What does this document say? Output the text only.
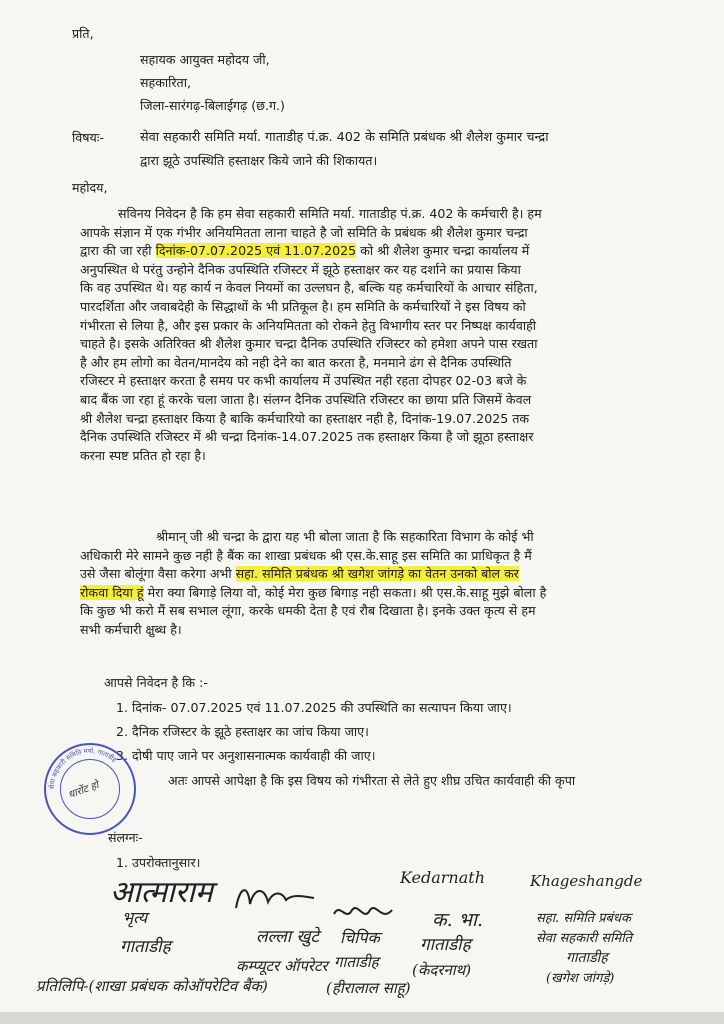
प्रति,
सहायक आयुक्त महोदय जी,
सहकारिता,
जिला-सारंगढ़-बिलाईगढ़ (छ.ग.)
विषयः-	सेवा सहकारी समिति मर्या. गाताडीह पं.क्र. 402 के समिति प्रबंधक श्री शैलेश कुमार चन्द्रा
द्वारा झूठे उपस्थिति हस्ताक्षर किये जाने की शिकायत।
महोदय,
सविनय निवेदन है कि हम सेवा सहकारी समिति मर्या. गाताडीह पं.क्र. 402 के कर्मचारी है। हम
आपके संज्ञान में एक गंभीर अनियमितता लाना चाहते है जो समिति के प्रबंधक श्री शैलेश कुमार चन्द्रा
द्वारा की जा रही दिनांक-07.07.2025 एवं 11.07.2025 को श्री शैलेश कुमार चन्द्रा कार्यालय में
अनुपस्थित थे परंतु उन्होने दैनिक उपस्थिति रजिस्टर में झूठे हस्ताक्षर कर यह दर्शाने का प्रयास किया
कि वह उपस्थित थे। यह कार्य न केवल नियमों का उल्लघन है, बल्कि यह कर्मचारियों के आचार संहिता,
पारदर्शिता और जवाबदेही के सिद्धाथों के भी प्रतिकूल है। हम समिति के कर्मचारियों ने इस विषय को
गंभीरता से लिया है, और इस प्रकार के अनियमितता को रोकने हेतु विभागीय स्तर पर निष्पक्ष कार्यवाही
चाहते है। इसके अतिरिक्त श्री शैलेश कुमार चन्द्रा दैनिक उपस्थिति रजिस्टर को हमेशा अपने पास रखता
है और हम लोगो का वेतन/मानदेय को नही देने का बात करता है, मनमाने ढंग से दैनिक उपस्थिति
रजिस्टर मे हस्ताक्षर करता है समय पर कभी कार्यालय में उपस्थित नही रहता दोपहर 02-03 बजे के
बाद बैंक जा रहा हूं करके चला जाता है। संलग्न दैनिक उपस्थिति रजिस्टर का छाया प्रति जिसमें केवल
श्री शैलेश चन्द्रा हस्ताक्षर किया है बाकि कर्मचारियो का हस्ताक्षर नही है, दिनांक-19.07.2025 तक
दैनिक उपस्थिति रजिस्टर में श्री चन्द्रा दिनांक-14.07.2025 तक हस्ताक्षर किया है जो झूठा हस्ताक्षर
करना स्पष्ट प्रतित हो रहा है।
श्रीमान् जी श्री चन्द्रा के द्वारा यह भी बोला जाता है कि सहकारिता विभाग के कोई भी
अधिकारी मेरे सामने कुछ नही है बैंक का शाखा प्रबंधक श्री एस.के.साहू इस समिति का प्राधिकृत है मैं
उसे जैसा बोलूंगा वैसा करेगा अभी सहा. समिति प्रबंधक श्री खगेश जांगड़े का वेतन उनको बोल कर
रोकवा दिया हूं मेरा क्या बिगाड़े लिया वो, कोई मेरा कुछ बिगाड़ नही सकता। श्री एस.के.साहू मुझे बोला है
कि कुछ भी करो मैं सब सभाल लूंगा, करके धमकी देता है एवं रौब दिखाता है। इनके उक्त कृत्य से हम
सभी कर्मचारी क्षुब्ध है।
आपसे निवेदन है कि :-
1. दिनांक- 07.07.2025 एवं 11.07.2025 की उपस्थिति का सत्यापन किया जाए।
2. दैनिक रजिस्टर के झूठे हस्ताक्षर का जांच किया जाए।
3. दोषी पाए जाने पर अनुशासनात्मक कार्यवाही की जाए।
अतः आपसे आपेक्षा है कि इस विषय को गंभीरता से लेते हुए शीघ्र उचित कार्यवाही की कृपा
सेवा सहकारी समिति मर्या. गाताडीह
धारोंट हो
संलग्नः-
1. उपरोक्तानुसार।
आत्माराम
भृत्य
गाताडीह	लल्ला खुटे
कम्प्यूटर ऑपरेटर
चिपिक
गाताडीह
(हीरालाल साहू)
Kedarnath
क. भा.
गाताडीह
(केदरनाथ)
Khageshangde
सहा. समिति प्रबंधक
सेवा सहकारी समिति
गाताडीह
(खगेश जांगड़े)
प्रतिलिपि-(शाखा प्रबंधक कोऑपरेटिव बैंक)
